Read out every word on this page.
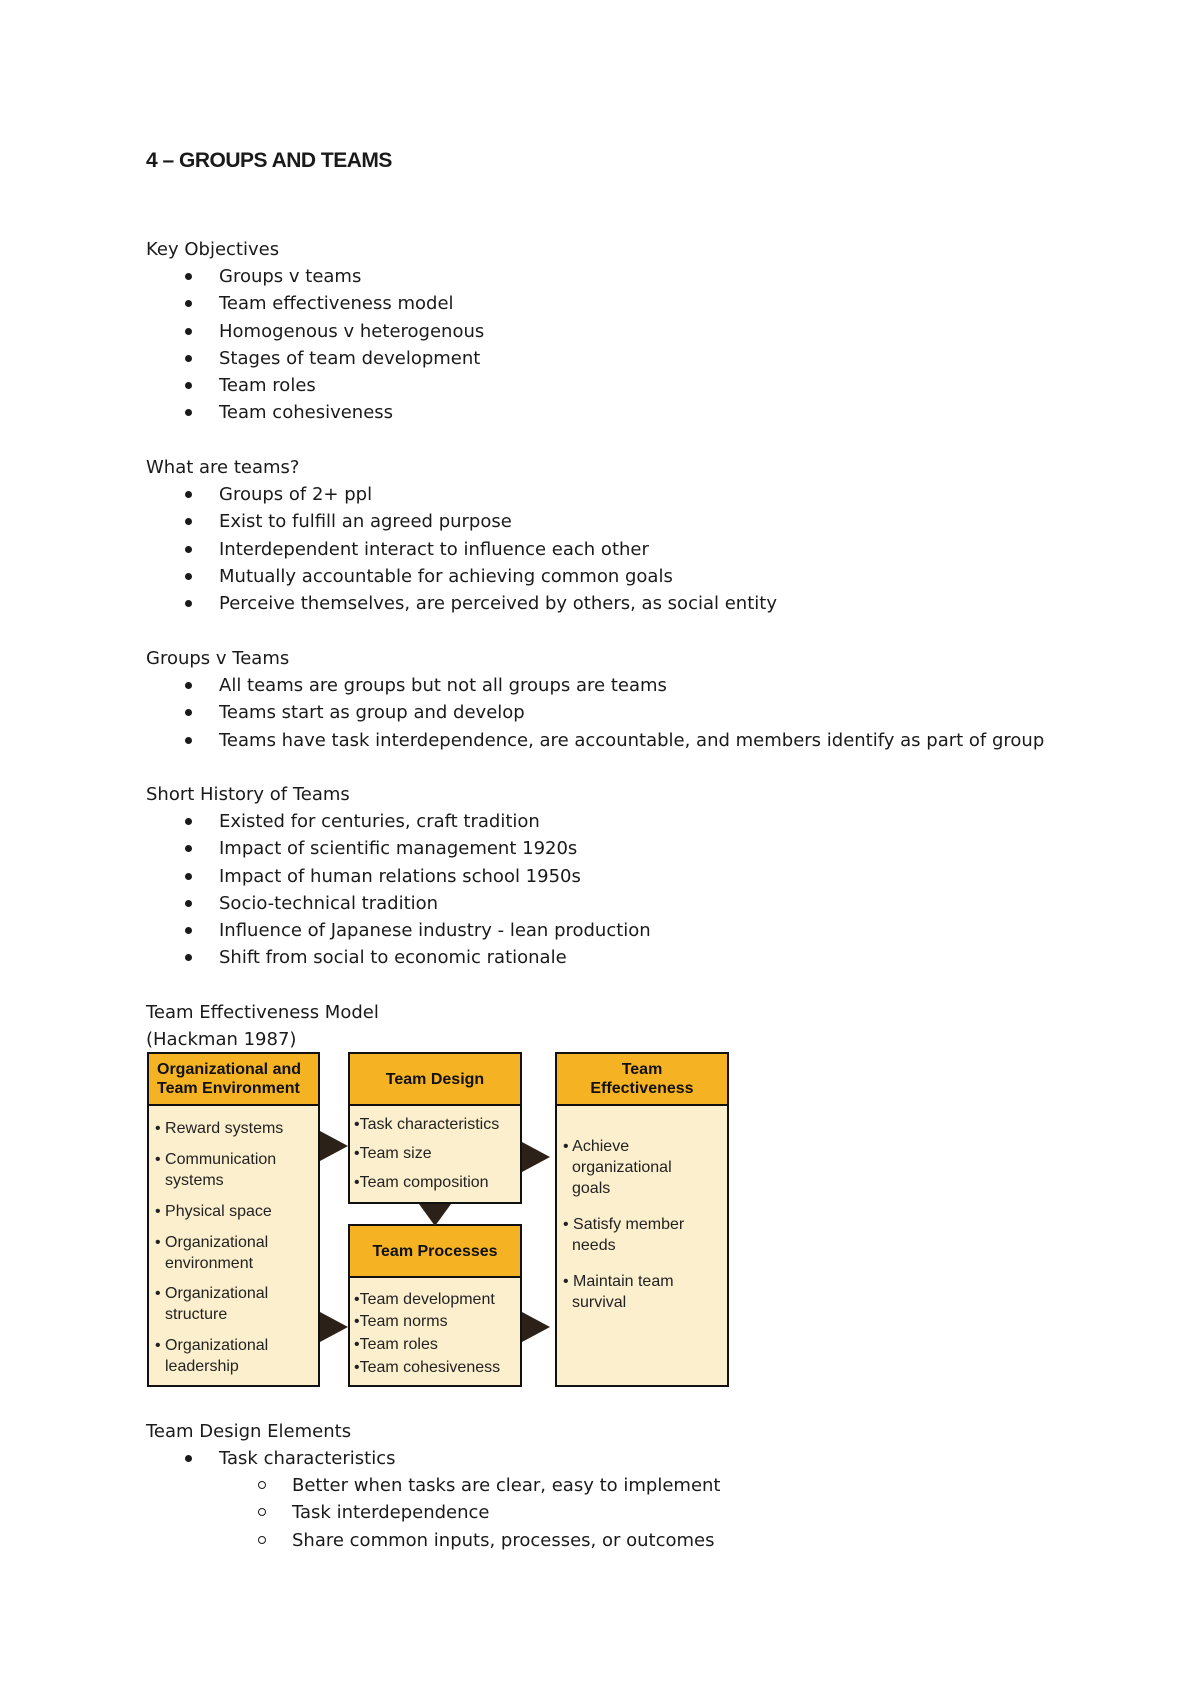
4 – GROUPS AND TEAMS

Key Objectives

Groups v teams
Team effectiveness model
Homogenous v heterogenous
Stages of team development
Team roles
Team cohesiveness

What are teams?

Groups of 2+ ppl
Exist to fulfill an agreed purpose
Interdependent interact to influence each other
Mutually accountable for achieving common goals
Perceive themselves, are perceived by others, as social entity

Groups v Teams

All teams are groups but not all groups are teams
Teams start as group and develop
Teams have task interdependence, are accountable, and members identify as part of group

Short History of Teams

Existed for centuries, craft tradition
Impact of scientific management 1920s
Impact of human relations school 1950s
Socio-technical tradition
Influence of Japanese industry - lean production
Shift from social to economic rationale

Team Effectiveness Model

(Hackman 1987)

Organizational and
Team Environment
• Reward systems
• Communication
systems
• Physical space
• Organizational
environment
• Organizational
structure
• Organizational
leadership
Team Design
•Task characteristics
•Team size
•Team composition
Team Processes
•Team development
•Team norms
•Team roles
•Team cohesiveness
Team
Effectiveness
• Achieve
organizational
goals
• Satisfy member
needs
• Maintain team
survival

Team Design Elements

Task characteristics
Better when tasks are clear, easy to implement
Task interdependence
Share common inputs, processes, or outcomes
